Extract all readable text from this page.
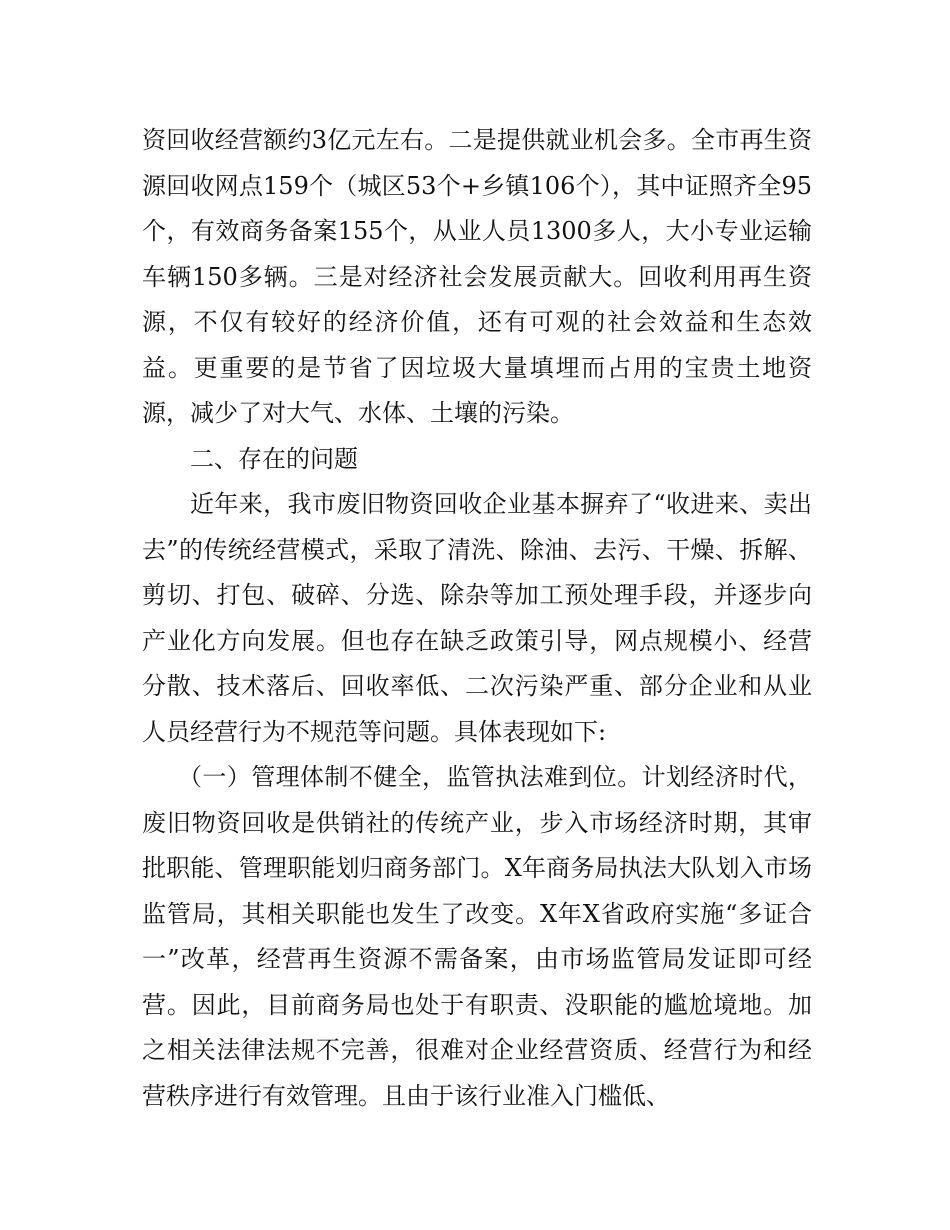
资回收经营额约3亿元左右。二是提供就业机会多。全市再生资源回收网点159个（城区53个+乡镇106个），其中证照齐全95个，有效商务备案155个，从业人员1300多人，大小专业运输车辆150多辆。三是对经济社会发展贡献大。回收利用再生资源，不仅有较好的经济价值，还有可观的社会效益和生态效益。更重要的是节省了因垃圾大量填埋而占用的宝贵土地资源，减少了对大气、水体、土壤的污染。

二、存在的问题

近年来，我市废旧物资回收企业基本摒弃了“收进来、卖出去”的传统经营模式，采取了清洗、除油、去污、干燥、拆解、剪切、打包、破碎、分选、除杂等加工预处理手段，并逐步向产业化方向发展。但也存在缺乏政策引导，网点规模小、经营分散、技术落后、回收率低、二次污染严重、部分企业和从业人员经营行为不规范等问题。具体表现如下:

（一）管理体制不健全，监管执法难到位。计划经济时代，废旧物资回收是供销社的传统产业，步入市场经济时期，其审批职能、管理职能划归商务部门。X年商务局执法大队划入市场监管局，其相关职能也发生了改变。X年X省政府实施“多证合一”改革，经营再生资源不需备案，由市场监管局发证即可经营。因此，目前商务局也处于有职责、没职能的尴尬境地。加之相关法律法规不完善，很难对企业经营资质、经营行为和经营秩序进行有效管理。且由于该行业准入门槛低、
